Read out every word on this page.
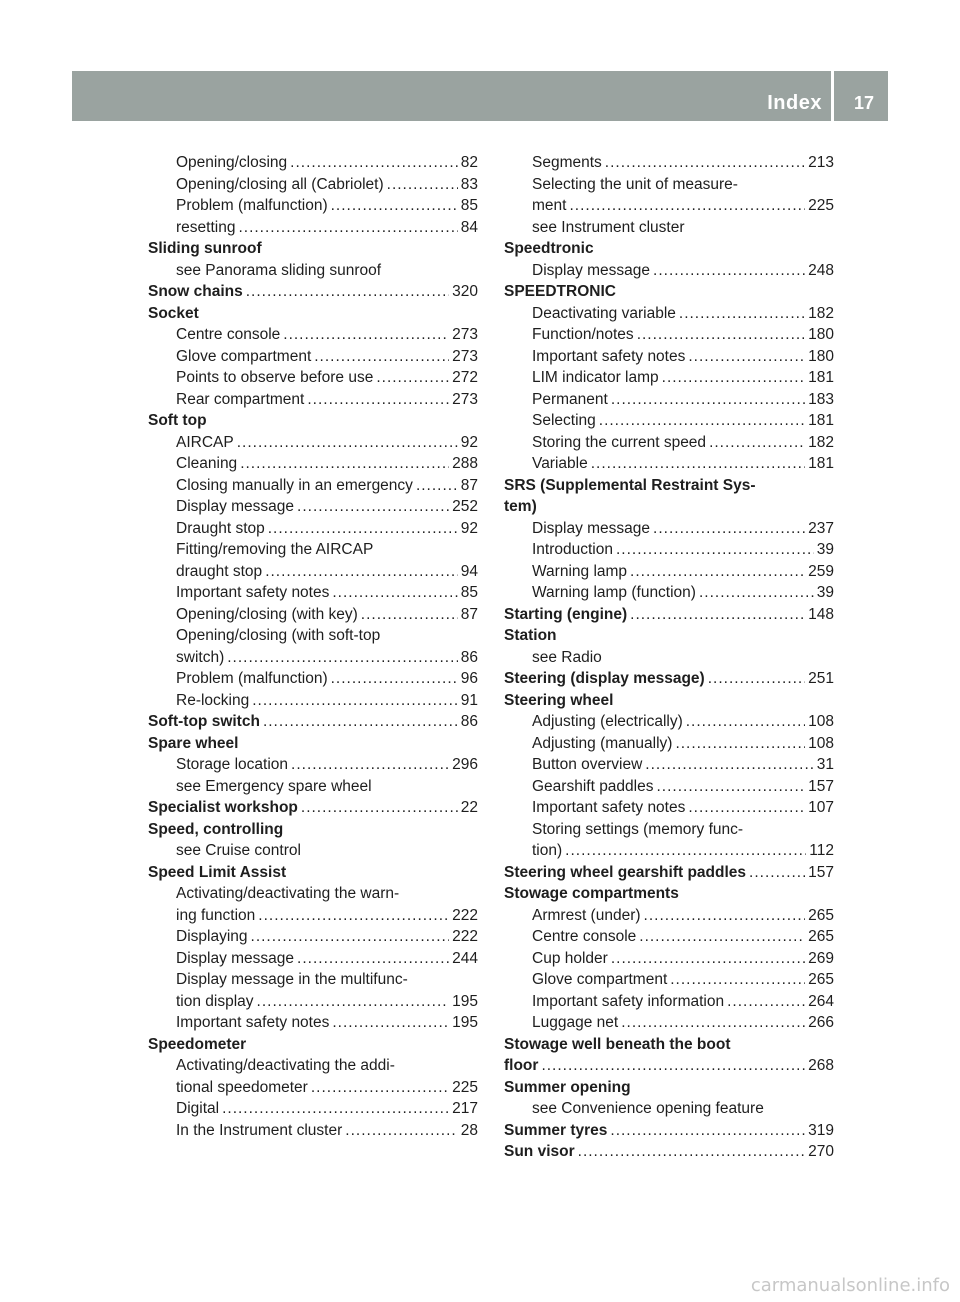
Index 17
Opening/closing .....	82
Opening/closing all (Cabriolet) .....	83
Problem (malfunction) .....	85
resetting .....	84
Sliding sunroof
see Panorama sliding sunroof
Snow chains .....	320
Socket
Centre console .....	273
Glove compartment .....	273
Points to observe before use .....	272
Rear compartment .....	273
Soft top
AIRCAP .....	92
Cleaning .....	288
Closing manually in an emergency .....	87
Display message .....	252
Draught stop .....	92
Fitting/removing the AIRCAP
draught stop .....	94
Important safety notes .....	85
Opening/closing (with key) .....	87
Opening/closing (with soft-top
switch) .....	86
Problem (malfunction) .....	96
Re-locking .....	91
Soft-top switch .....	86
Spare wheel
Storage location .....	296
see Emergency spare wheel
Specialist workshop .....	22
Speed, controlling
see Cruise control
Speed Limit Assist
Activating/deactivating the warn-
ing function .....	222
Displaying .....	222
Display message .....	244
Display message in the multifunc-
tion display .....	195
Important safety notes .....	195
Speedometer
Activating/deactivating the addi-
tional speedometer .....	225
Digital .....	217
In the Instrument cluster .....	28
Segments .....	213
Selecting the unit of measure-
ment .....	225
see Instrument cluster
Speedtronic
Display message .....	248
SPEEDTRONIC
Deactivating variable .....	182
Function/notes .....	180
Important safety notes .....	180
LIM indicator lamp .....	181
Permanent .....	183
Selecting .....	181
Storing the current speed .....	182
Variable .....	181
SRS (Supplemental Restraint Sys-
tem)
Display message .....	237
Introduction .....	39
Warning lamp .....	259
Warning lamp (function) .....	39
Starting (engine) .....	148
Station
see Radio
Steering (display message) .....	251
Steering wheel
Adjusting (electrically) .....	108
Adjusting (manually) .....	108
Button overview .....	31
Gearshift paddles .....	157
Important safety notes .....	107
Storing settings (memory func-
tion) .....	112
Steering wheel gearshift paddles .....	157
Stowage compartments
Armrest (under) .....	265
Centre console .....	265
Cup holder .....	269
Glove compartment .....	265
Important safety information .....	264
Luggage net .....	266
Stowage well beneath the boot
floor .....	268
Summer opening
see Convenience opening feature
Summer tyres .....	319
Sun visor .....	270
carmanualsonline.info
